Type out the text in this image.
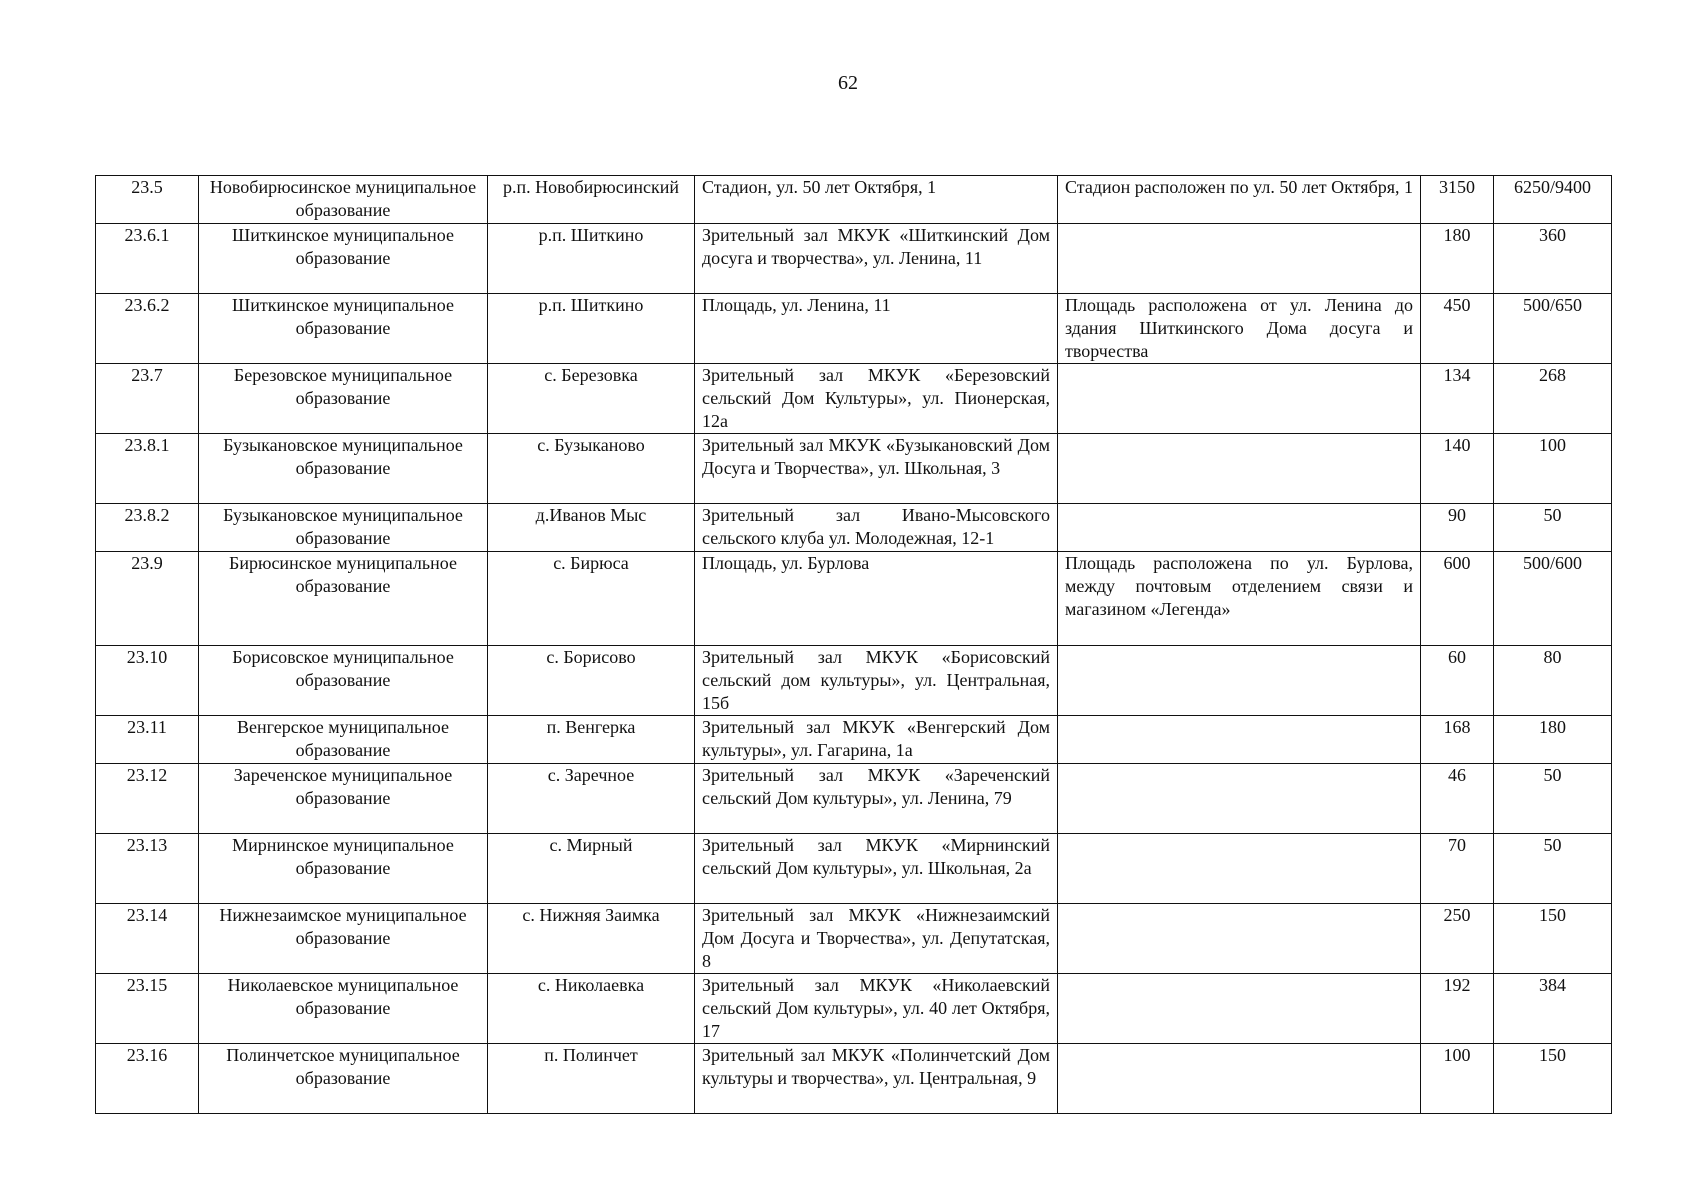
62
23.5	Новобирюсинское муниципальное образование	р.п. Новобирюсинский	Стадион, ул. 50 лет Октября, 1	Стадион расположен по ул. 50 лет Октября, 1	3150	6250/9400
23.6.1	Шиткинское муниципальное образование	р.п. Шиткино	Зрительный зал МКУК «Шиткинский Дом досуга и творчества», ул. Ленина, 11		180	360
23.6.2	Шиткинское муниципальное образование	р.п. Шиткино	Площадь, ул. Ленина, 11	Площадь расположена от ул. Ленина до здания Шиткинского Дома досуга и творчества	450	500/650
23.7	Березовское муниципальное образование	с. Березовка	Зрительный зал МКУК «Березовский сельский Дом Культуры», ул. Пионерская, 12а		134	268
23.8.1	Бузыкановское муниципальное образование	с. Бузыканово	Зрительный зал МКУК «Бузыкановский Дом Досуга и Творчества», ул. Школьная, 3		140	100
23.8.2	Бузыкановское муниципальное образование	д.Иванов Мыс	Зрительный зал Ивано-Мысовского сельского клуба ул. Молодежная, 12-1		90	50
23.9	Бирюсинское муниципальное образование	с. Бирюса	Площадь, ул. Бурлова	Площадь расположена по ул. Бурлова, между почтовым отделением связи и магазином «Легенда»	600	500/600
23.10	Борисовское муниципальное образование	с. Борисово	Зрительный зал МКУК «Борисовский сельский дом культуры», ул. Центральная, 15б		60	80
23.11	Венгерское муниципальное образование	п. Венгерка	Зрительный зал МКУК «Венгерский Дом культуры», ул. Гагарина, 1а		168	180
23.12	Зареченское муниципальное образование	с. Заречное	Зрительный зал МКУК «Зареченский сельский Дом культуры», ул. Ленина, 79		46	50
23.13	Мирнинское муниципальное образование	с. Мирный	Зрительный зал МКУК «Мирнинский сельский Дом культуры», ул. Школьная, 2а		70	50
23.14	Нижнезаимское муниципальное образование	с. Нижняя Заимка	Зрительный зал МКУК «Нижнезаимский Дом Досуга и Творчества», ул. Депутатская, 8		250	150
23.15	Николаевское муниципальное образование	с. Николаевка	Зрительный зал МКУК «Николаевский сельский Дом культуры», ул. 40 лет Октября, 17		192	384
23.16	Полинчетское муниципальное образование	п. Полинчет	Зрительный зал МКУК «Полинчетский Дом культуры и творчества», ул. Центральная, 9		100	150
